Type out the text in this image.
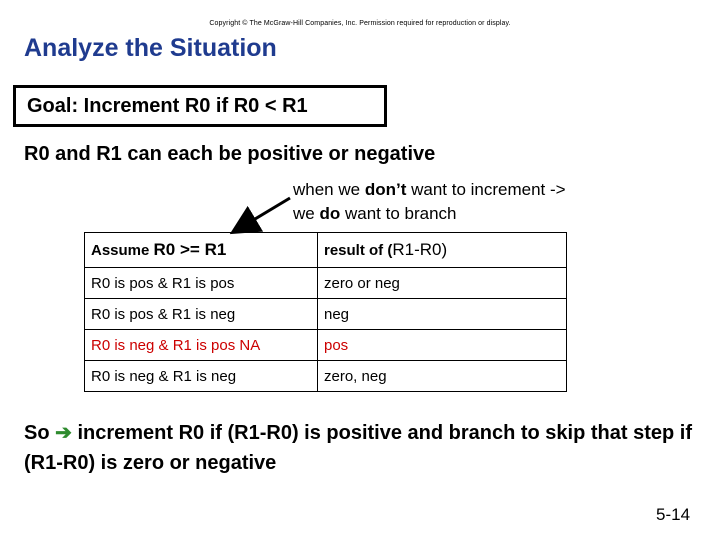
Copyright © The McGraw-Hill Companies, Inc. Permission required for reproduction or display.
Analyze the Situation
Goal: Increment R0 if R0 < R1
R0 and R1 can each be positive or negative
when we don’t want to increment ->
we do want to branch
Assume R0 >= R1	result of (R1-R0)
R0 is pos & R1 is pos	zero or neg
R0 is pos & R1 is neg	neg
R0 is neg & R1 is pos NA	pos
R0 is neg & R1 is neg	zero, neg
So ➔ increment R0 if (R1-R0) is positive and branch to skip that step if (R1-R0) is zero or negative
5-14
